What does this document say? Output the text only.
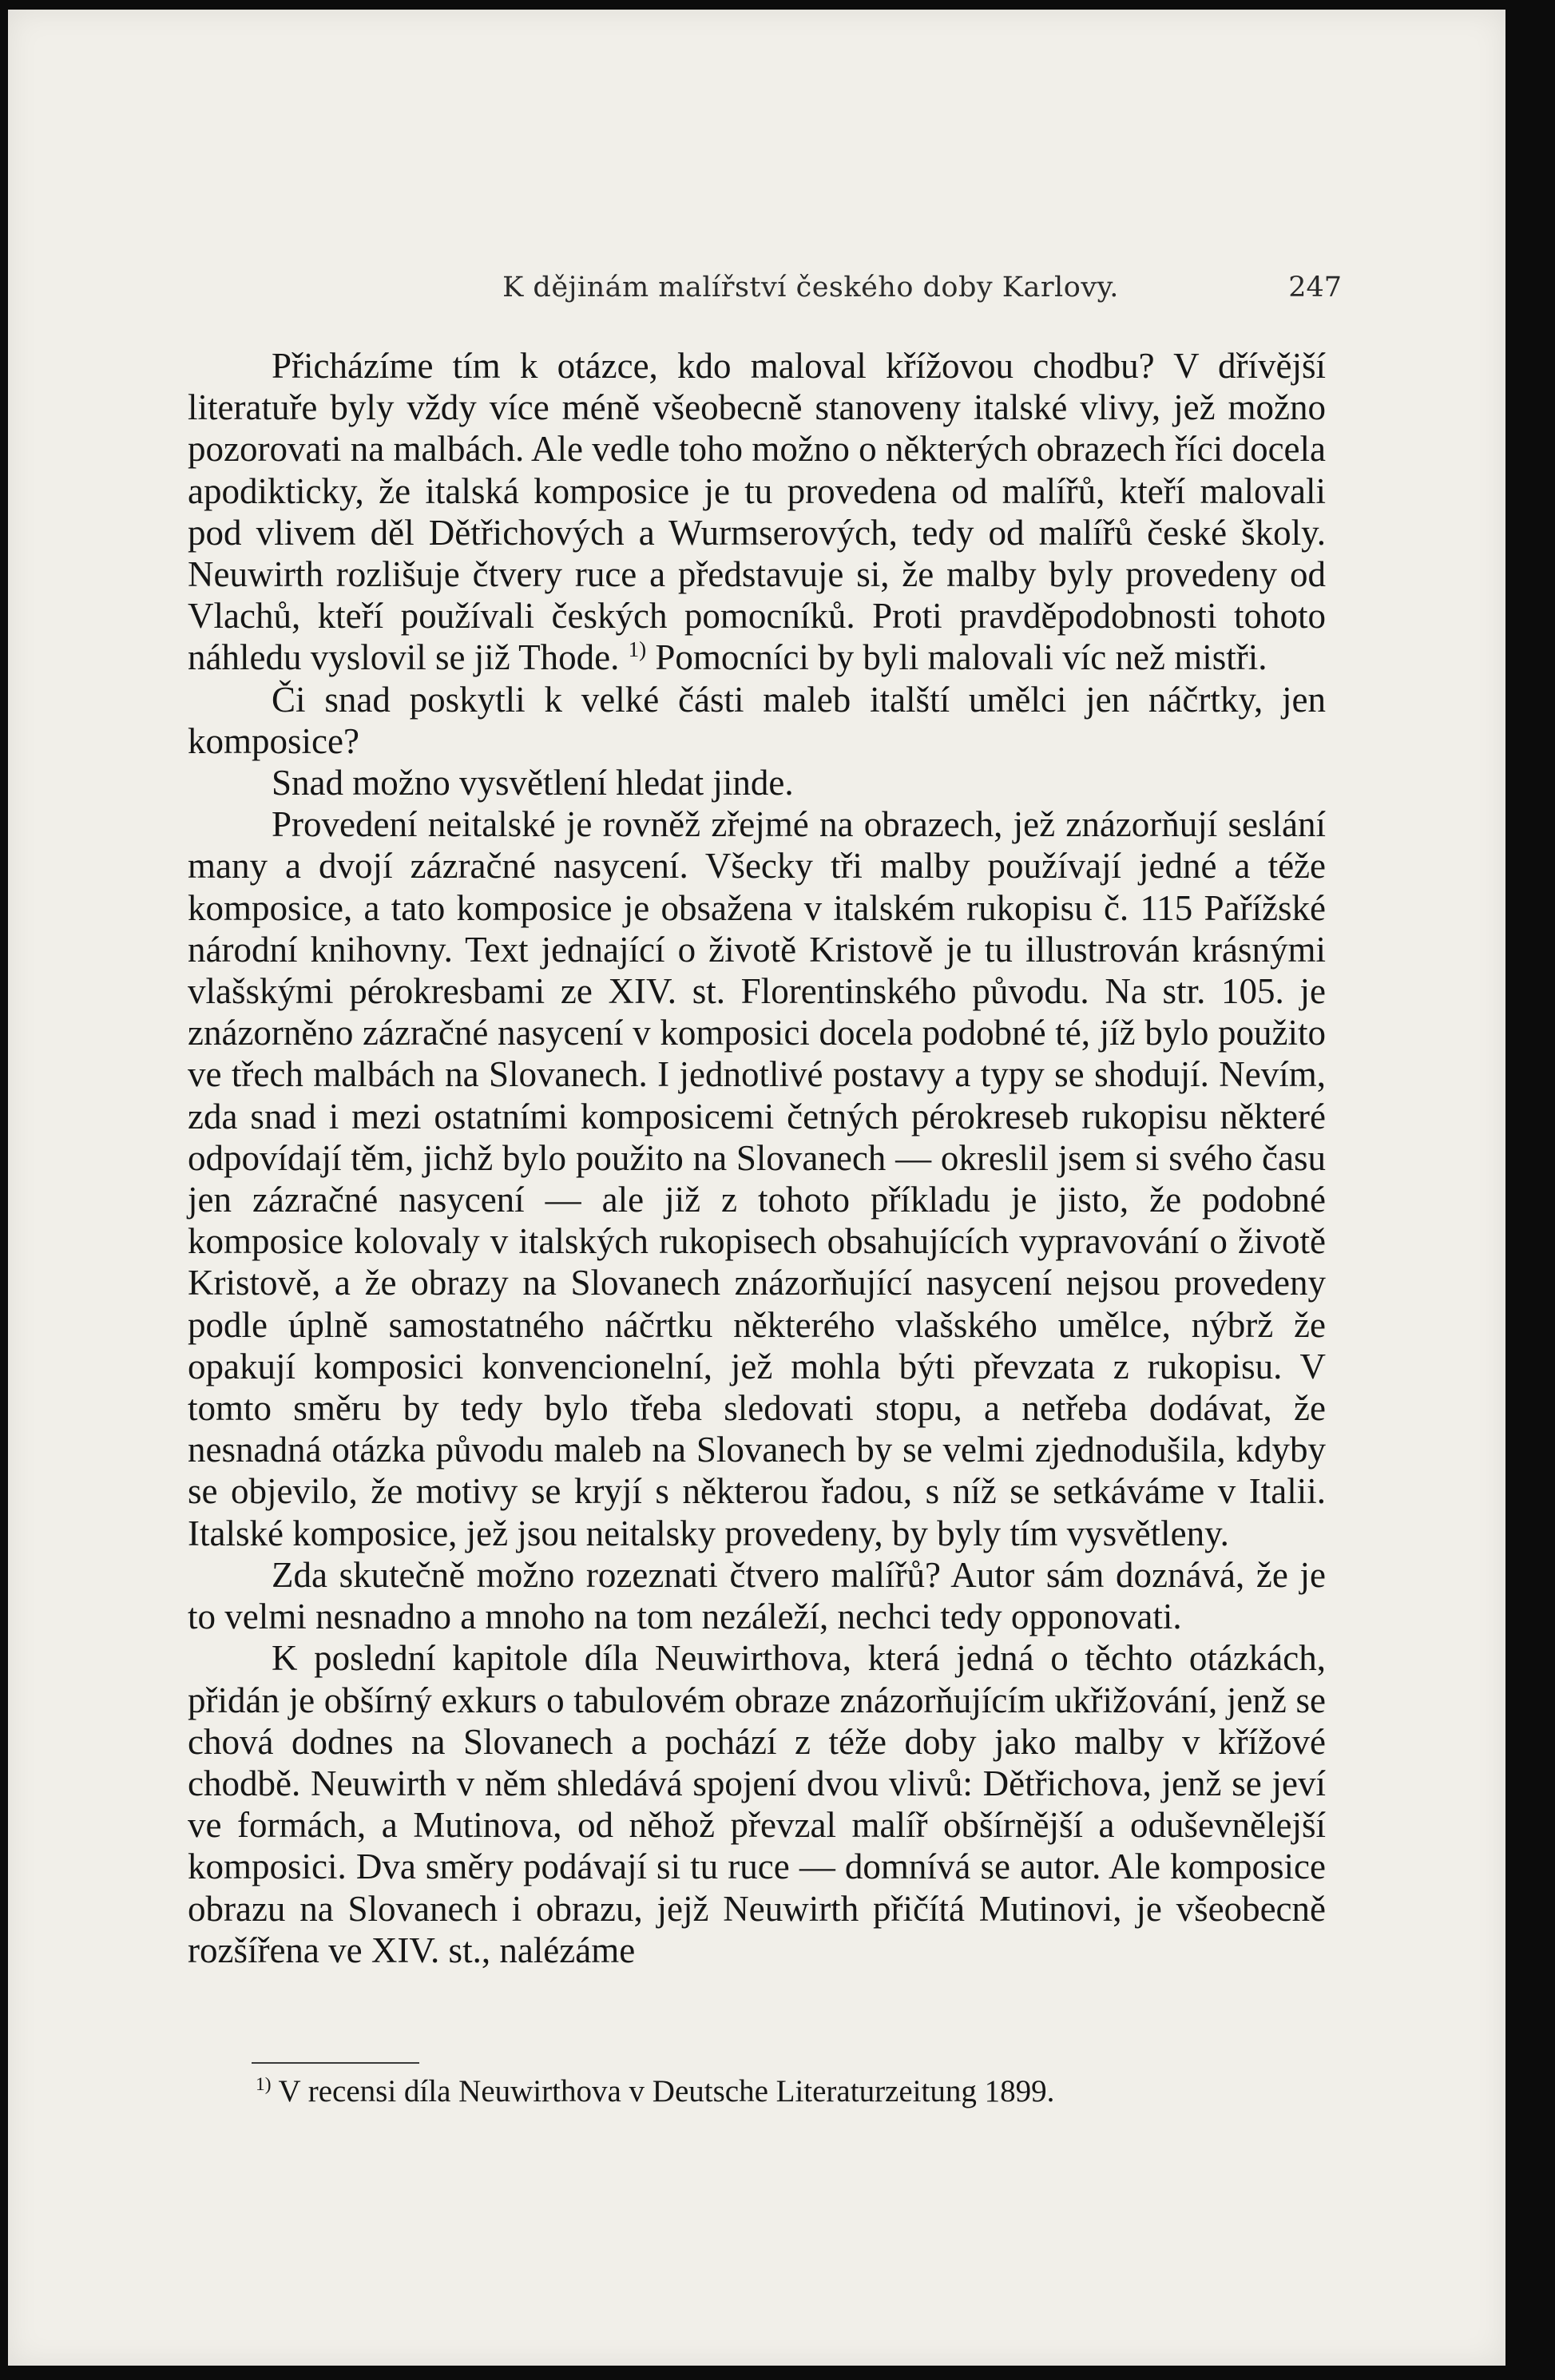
K dějinám malířství českého doby Karlovy.	247

Přicházíme tím k otázce, kdo maloval křížovou chodbu? V dřívější literatuře byly vždy více méně všeobecně stanoveny italské vlivy, jež možno pozorovati na malbách. Ale vedle toho možno o některých obrazech říci docela apodikticky, že italská komposice je tu provedena od malířů, kteří malovali pod vlivem děl Dětřichových a Wurmserových, tedy od malířů české školy. Neuwirth rozlišuje čtvery ruce a představuje si, že malby byly provedeny od Vlachů, kteří používali českých pomocníků. Proti pravděpodobnosti tohoto náhledu vyslovil se již Thode. $^{1)}$ Pomocníci by byli malovali víc než mistři.

Či snad poskytli k velké části maleb italští umělci jen náčrtky, jen komposice?

Snad možno vysvětlení hledat jinde.

Provedení neitalské je rovněž zřejmé na obrazech, jež znázorňují seslání many a dvojí zázračné nasycení. Všecky tři malby používají jedné a téže komposice, a tato komposice je obsažena v italském rukopisu č. 115 Pařížské národní knihovny. Text jednající o životě Kristově je tu illustrován krásnými vlašskými pérokresbami ze XIV. st. Florentinského původu. Na str. 105. je znázorněno zázračné nasycení v komposici docela podobné té, jíž bylo použito ve třech malbách na Slovanech. I jednotlivé postavy a typy se shodují. Nevím, zda snad i mezi ostatními komposicemi četných pérokreseb rukopisu některé odpovídají těm, jichž bylo použito na Slovanech — okreslil jsem si svého času jen zázračné nasycení — ale již z tohoto příkladu je jisto, že podobné komposice kolovaly v italských rukopisech obsahujících vypravování o životě Kristově, a že obrazy na Slovanech znázorňující nasycení nejsou provedeny podle úplně samostatného náčrtku některého vlašského umělce, nýbrž že opakují komposici konvencionelní, jež mohla býti převzata z rukopisu. V tomto směru by tedy bylo třeba sledovati stopu, a netřeba dodávat, že nesnadná otázka původu maleb na Slovanech by se velmi zjednodušila, kdyby se objevilo, že motivy se kryjí s některou řadou, s níž se setkáváme v Italii. Italské komposice, jež jsou neitalsky provedeny, by byly tím vysvětleny.

Zda skutečně možno rozeznati čtvero malířů? Autor sám doznává, že je to velmi nesnadno a mnoho na tom nezáleží, nechci tedy opponovati.

K poslední kapitole díla Neuwirthova, která jedná o těchto otázkách, přidán je obšírný exkurs o tabulovém obraze znázorňujícím ukřižování, jenž se chová dodnes na Slovanech a pochází z téže doby jako malby v křížové chodbě. Neuwirth v něm shledává spojení dvou vlivů: Dětřichova, jenž se jeví ve formách, a Mutinova, od něhož převzal malíř obšírnější a oduševnělejší komposici. Dva směry podávají si tu ruce — domnívá se autor. Ale komposice obrazu na Slovanech i obrazu, jejž Neuwirth přičítá Mutinovi, je všeobecně rozšířena ve XIV. st., nalézáme

$^{1)}$ V recensi díla Neuwirthova v Deutsche Literaturzeitung 1899.
